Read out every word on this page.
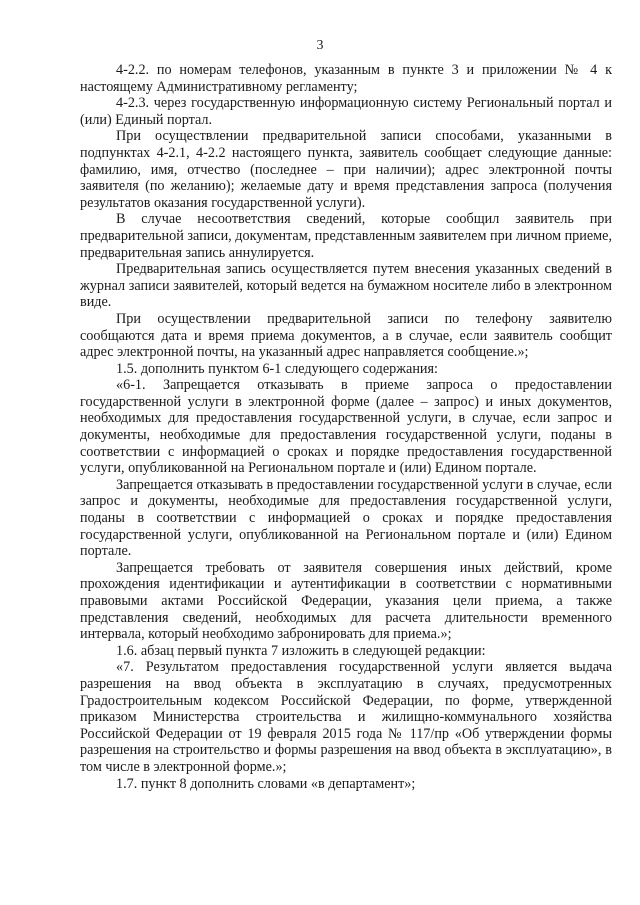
3

4-2.2. по номерам телефонов, указанным в пункте 3 и приложении № 4 к настоящему Административному регламенту;

4-2.3. через государственную информационную систему Региональный портал и (или) Единый портал.

При осуществлении предварительной записи способами, указанными в подпунктах 4-2.1, 4-2.2 настоящего пункта, заявитель сообщает следующие данные: фамилию, имя, отчество (последнее – при наличии); адрес электронной почты заявителя (по желанию); желаемые дату и время представления запроса (получения результатов оказания государственной услуги).

В случае несоответствия сведений, которые сообщил заявитель при предварительной записи, документам, представленным заявителем при личном приеме, предварительная запись аннулируется.

Предварительная запись осуществляется путем внесения указанных сведений в журнал записи заявителей, который ведется на бумажном носителе либо в электронном виде.

При осуществлении предварительной записи по телефону заявителю сообщаются дата и время приема документов, а в случае, если заявитель сообщит адрес электронной почты, на указанный адрес направляется сообщение.»;

1.5. дополнить пунктом 6-1 следующего содержания:

«6-1. Запрещается отказывать в приеме запроса о предоставлении государственной услуги в электронной форме (далее – запрос) и иных документов, необходимых для предоставления государственной услуги, в случае, если запрос и документы, необходимые для предоставления государственной услуги, поданы в соответствии с информацией о сроках и порядке предоставления государственной услуги, опубликованной на Региональном портале и (или) Едином портале.

Запрещается отказывать в предоставлении государственной услуги в случае, если запрос и документы, необходимые для предоставления государственной услуги, поданы в соответствии с информацией о сроках и порядке предоставления государственной услуги, опубликованной на Региональном портале и (или) Едином портале.

Запрещается требовать от заявителя совершения иных действий, кроме прохождения идентификации и аутентификации в соответствии с нормативными правовыми актами Российской Федерации, указания цели приема, а также представления сведений, необходимых для расчета длительности временного интервала, который необходимо забронировать для приема.»;

1.6. абзац первый пункта 7 изложить в следующей редакции:

«7. Результатом предоставления государственной услуги является выдача разрешения на ввод объекта в эксплуатацию в случаях, предусмотренных Градостроительным кодексом Российской Федерации, по форме, утвержденной приказом Министерства строительства и жилищно-коммунального хозяйства Российской Федерации от 19 февраля 2015 года № 117/пр «Об утверждении формы разрешения на строительство и формы разрешения на ввод объекта в эксплуатацию», в том числе в электронной форме.»;

1.7. пункт 8 дополнить словами «в департамент»;
